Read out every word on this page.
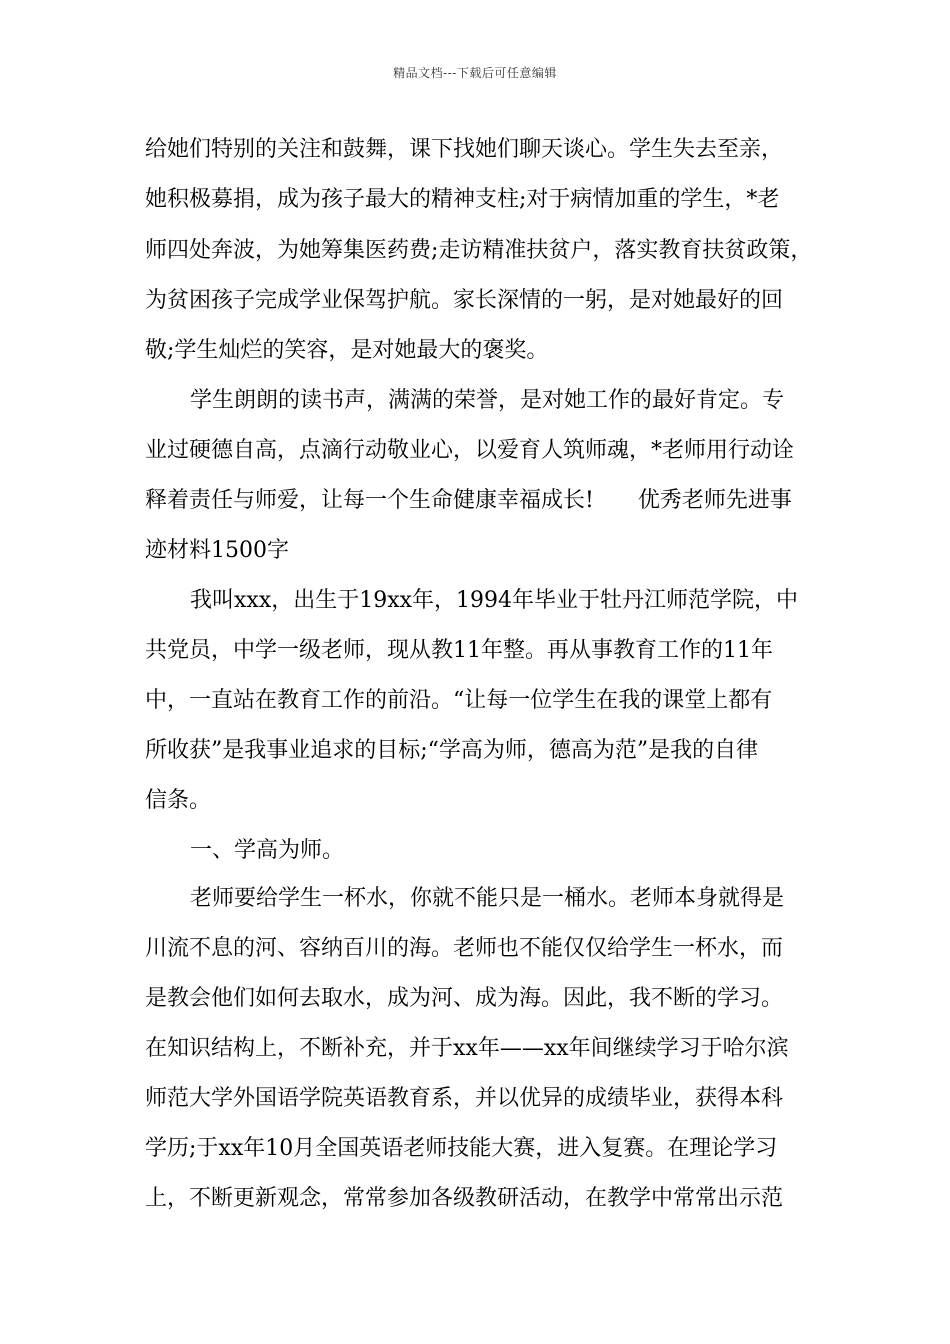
精品文档---下载后可任意编辑
给她们特别的关注和鼓舞，课下找她们聊天谈心。学生失去至亲，
她积极募捐，成为孩子最大的精神支柱;对于病情加重的学生，*老
师四处奔波，为她筹集医药费;走访精准扶贫户，落实教育扶贫政策，
为贫困孩子完成学业保驾护航。家长深情的一躬，是对她最好的回
敬;学生灿烂的笑容，是对她最大的褒奖。
学生朗朗的读书声，满满的荣誉，是对她工作的最好肯定。专
业过硬德自高，点滴行动敬业心，以爱育人筑师魂，*老师用行动诠
释着责任与师爱，让每一个生命健康幸福成长!　　优秀老师先进事
迹材料1500字
我叫xxx，出生于19xx年，1994年毕业于牡丹江师范学院，中
共党员，中学一级老师，现从教11年整。再从事教育工作的11年
中，一直站在教育工作的前沿。“让每一位学生在我的课堂上都有
所收获”是我事业追求的目标;“学高为师，德高为范”是我的自律
信条。
一、学高为师。
老师要给学生一杯水，你就不能只是一桶水。老师本身就得是
川流不息的河、容纳百川的海。老师也不能仅仅给学生一杯水，而
是教会他们如何去取水，成为河、成为海。因此，我不断的学习。
在知识结构上，不断补充，并于xx年——xx年间继续学习于哈尔滨
师范大学外国语学院英语教育系，并以优异的成绩毕业，获得本科
学历;于xx年10月全国英语老师技能大赛，进入复赛。在理论学习
上，不断更新观念，常常参加各级教研活动，在教学中常常出示范
